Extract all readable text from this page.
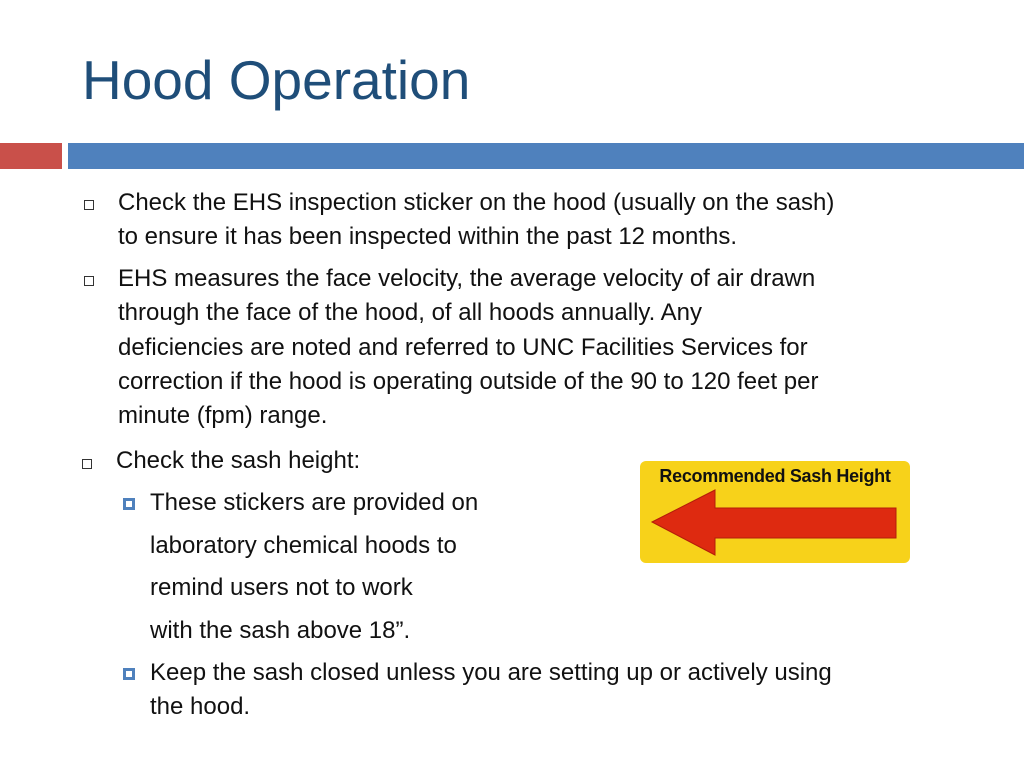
Hood Operation
Check the EHS inspection sticker on the hood (usually on the sash)
to ensure it has been inspected within the past 12 months.
EHS measures the face velocity, the average velocity of air drawn
through the face of the hood, of all hoods annually. Any
deficiencies are noted and referred to UNC Facilities Services for
correction if the hood is operating outside of the 90 to 120 feet per
minute (fpm) range.
Check the sash height:
These stickers are provided on
laboratory chemical hoods to
remind users not to work
with the sash above 18”.
Keep the sash closed unless you are setting up or actively using
the hood.
Recommended Sash Height
